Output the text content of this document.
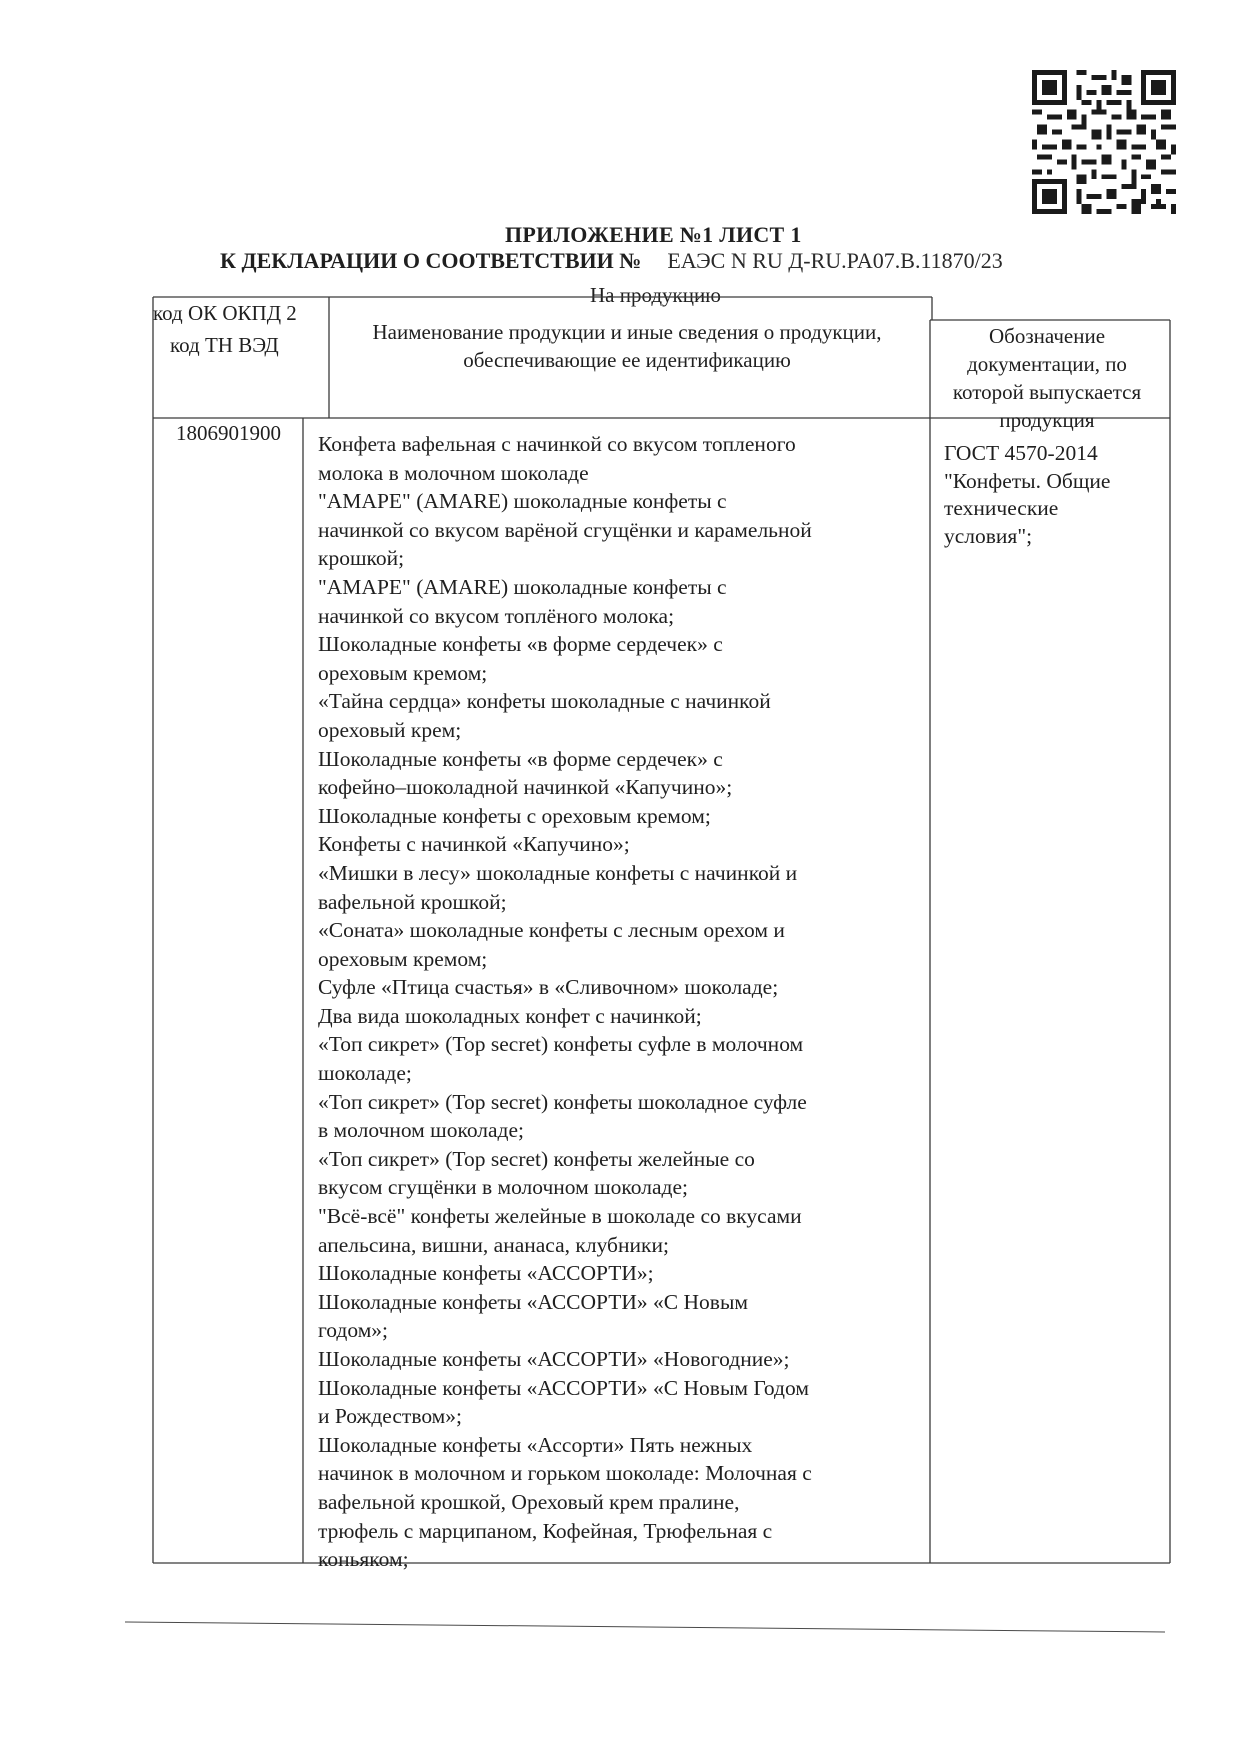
ПРИЛОЖЕНИЕ №1 ЛИСТ 1
К ДЕКЛАРАЦИИ О СООТВЕТСТВИИ № ЕАЭС N RU Д-RU.PA07.B.11870/23
На продукцию
код ОК ОКПД 2
код ТН ВЭД
Наименование продукции и иные сведения о продукции, обеспечивающие ее идентификацию
Обозначение документации, по которой выпускается продукция
1806901900 Конфета вафельная с начинкой со вкусом топленого
молока в молочном шоколаде
"АМАРЕ" (AMARE) шоколадные конфеты с
начинкой со вкусом варёной сгущёнки и карамельной
крошкой;
"АМАРЕ" (AMARE) шоколадные конфеты с
начинкой со вкусом топлёного молока;
Шоколадные конфеты «в форме сердечек» с
ореховым кремом;
«Тайна сердца» конфеты шоколадные с начинкой
ореховый крем;
Шоколадные конфеты «в форме сердечек» с
кофейно–шоколадной начинкой «Капучино»;
Шоколадные конфеты с ореховым кремом;
Конфеты с начинкой «Капучино»;
«Мишки в лесу» шоколадные конфеты с начинкой и
вафельной крошкой;
«Соната» шоколадные конфеты с лесным орехом и
ореховым кремом;
Суфле «Птица счастья» в «Сливочном» шоколаде;
Два вида шоколадных конфет с начинкой;
«Топ сикрет» (Top secret) конфеты суфле в молочном
шоколаде;
«Топ сикрет» (Top secret) конфеты шоколадное суфле
в молочном шоколаде;
«Топ сикрет» (Top secret) конфеты желейные со
вкусом сгущёнки в молочном шоколаде;
"Всё-всё" конфеты желейные в шоколаде со вкусами
апельсина, вишни, ананаса, клубники;
Шоколадные конфеты «АССОРТИ»;
Шоколадные конфеты «АССОРТИ» «С Новым
годом»;
Шоколадные конфеты «АССОРТИ» «Новогодние»;
Шоколадные конфеты «АССОРТИ» «С Новым Годом
и Рождеством»;
Шоколадные конфеты «Ассорти» Пять нежных
начинок в молочном и горьком шоколаде: Молочная с
вафельной крошкой, Ореховый крем пралине,
трюфель с марципаном, Кофейная, Трюфельная с
коньяком;
ГОСТ 4570-2014
"Конфеты. Общие
технические
условия";
